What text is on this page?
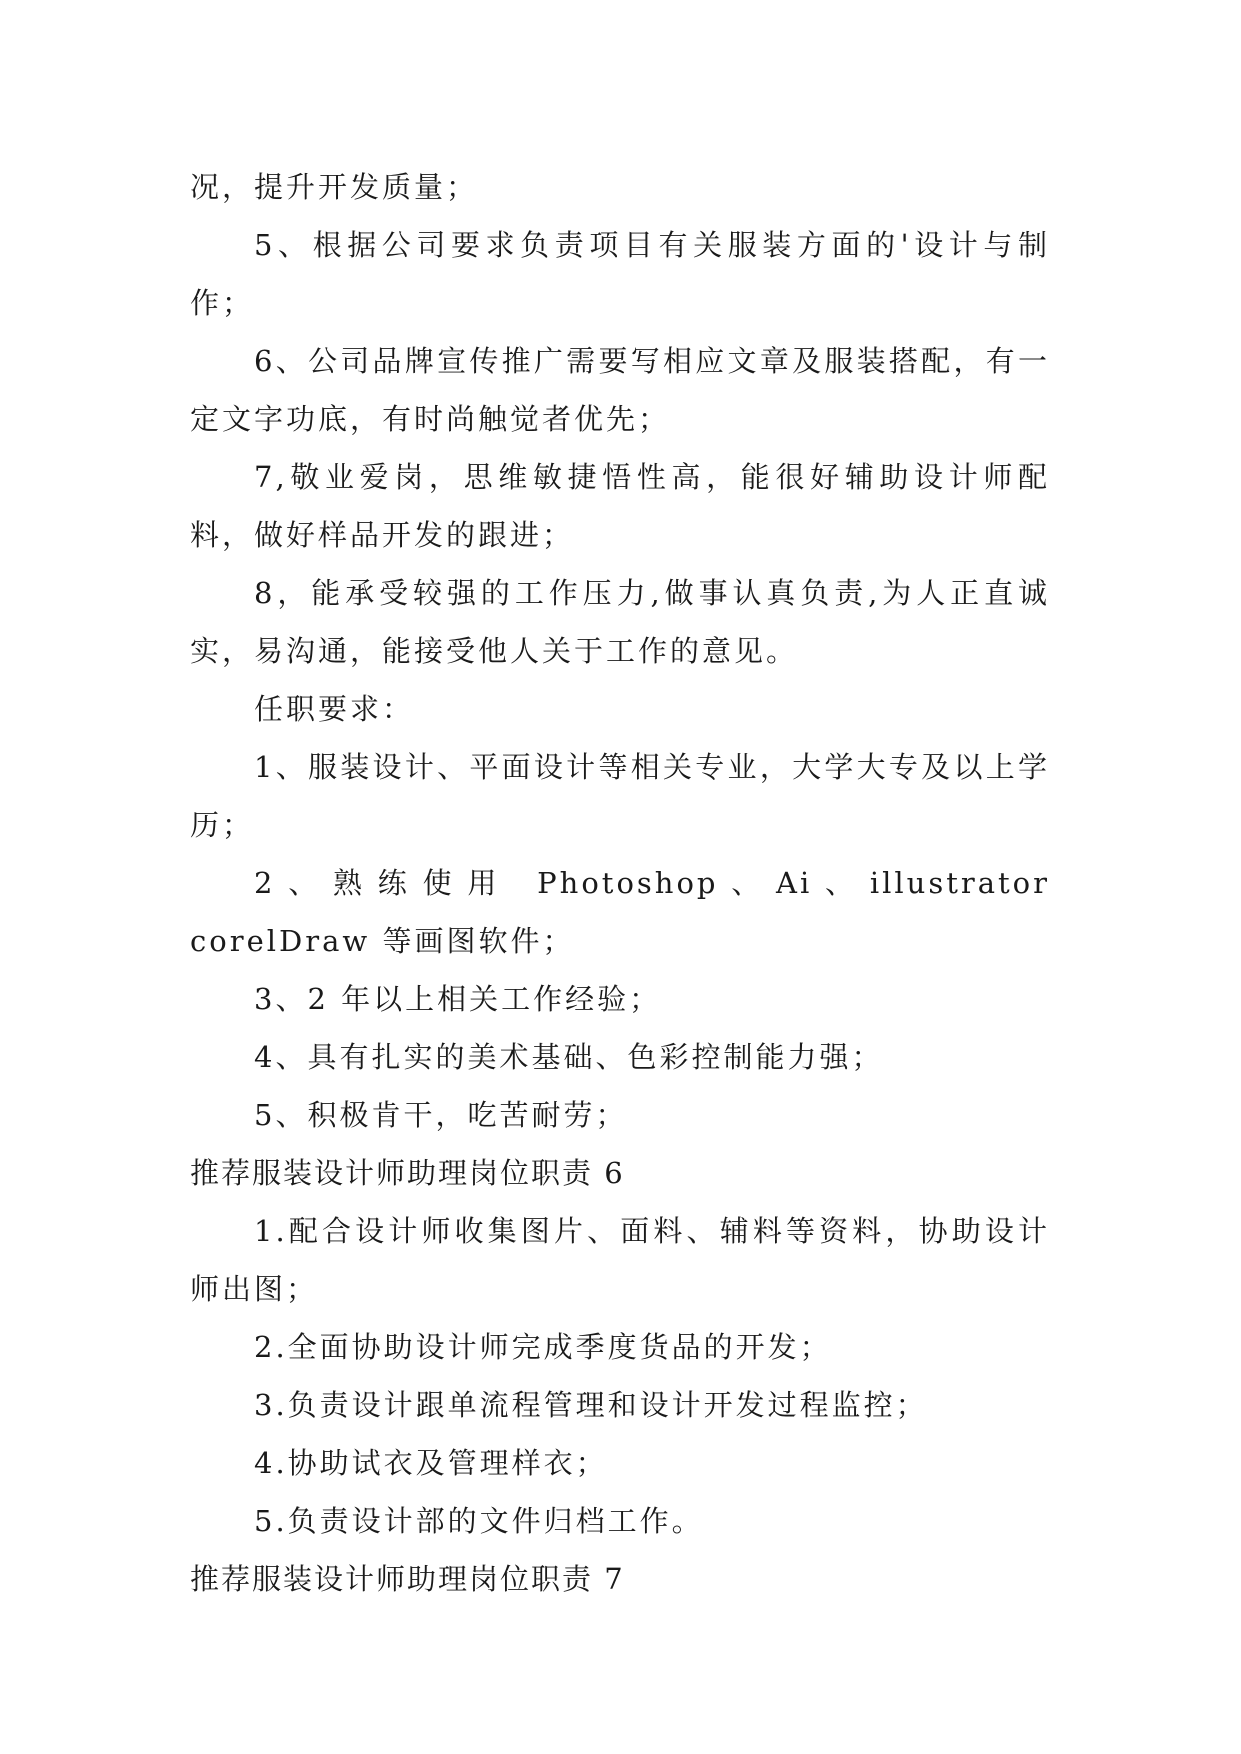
况，提升开发质量；

5、根据公司要求负责项目有关服装方面的'设计与制作；

6、公司品牌宣传推广需要写相应文章及服装搭配，有一定文字功底，有时尚触觉者优先；

7,敬业爱岗，思维敏捷悟性高，能很好辅助设计师配料，做好样品开发的跟进；

8，能承受较强的工作压力,做事认真负责,为人正直诚实，易沟通，能接受他人关于工作的意见。

任职要求：

1、服装设计、平面设计等相关专业，大学大专及以上学历；

2、熟练使用 Photoshop、Ai、illustrator corelDraw 等画图软件；

3、2 年以上相关工作经验；

4、具有扎实的美术基础、色彩控制能力强；

5、积极肯干，吃苦耐劳；

推荐服装设计师助理岗位职责 6

1.配合设计师收集图片、面料、辅料等资料，协助设计师出图；

2.全面协助设计师完成季度货品的开发；

3.负责设计跟单流程管理和设计开发过程监控；

4.协助试衣及管理样衣；

5.负责设计部的文件归档工作。

推荐服装设计师助理岗位职责 7
